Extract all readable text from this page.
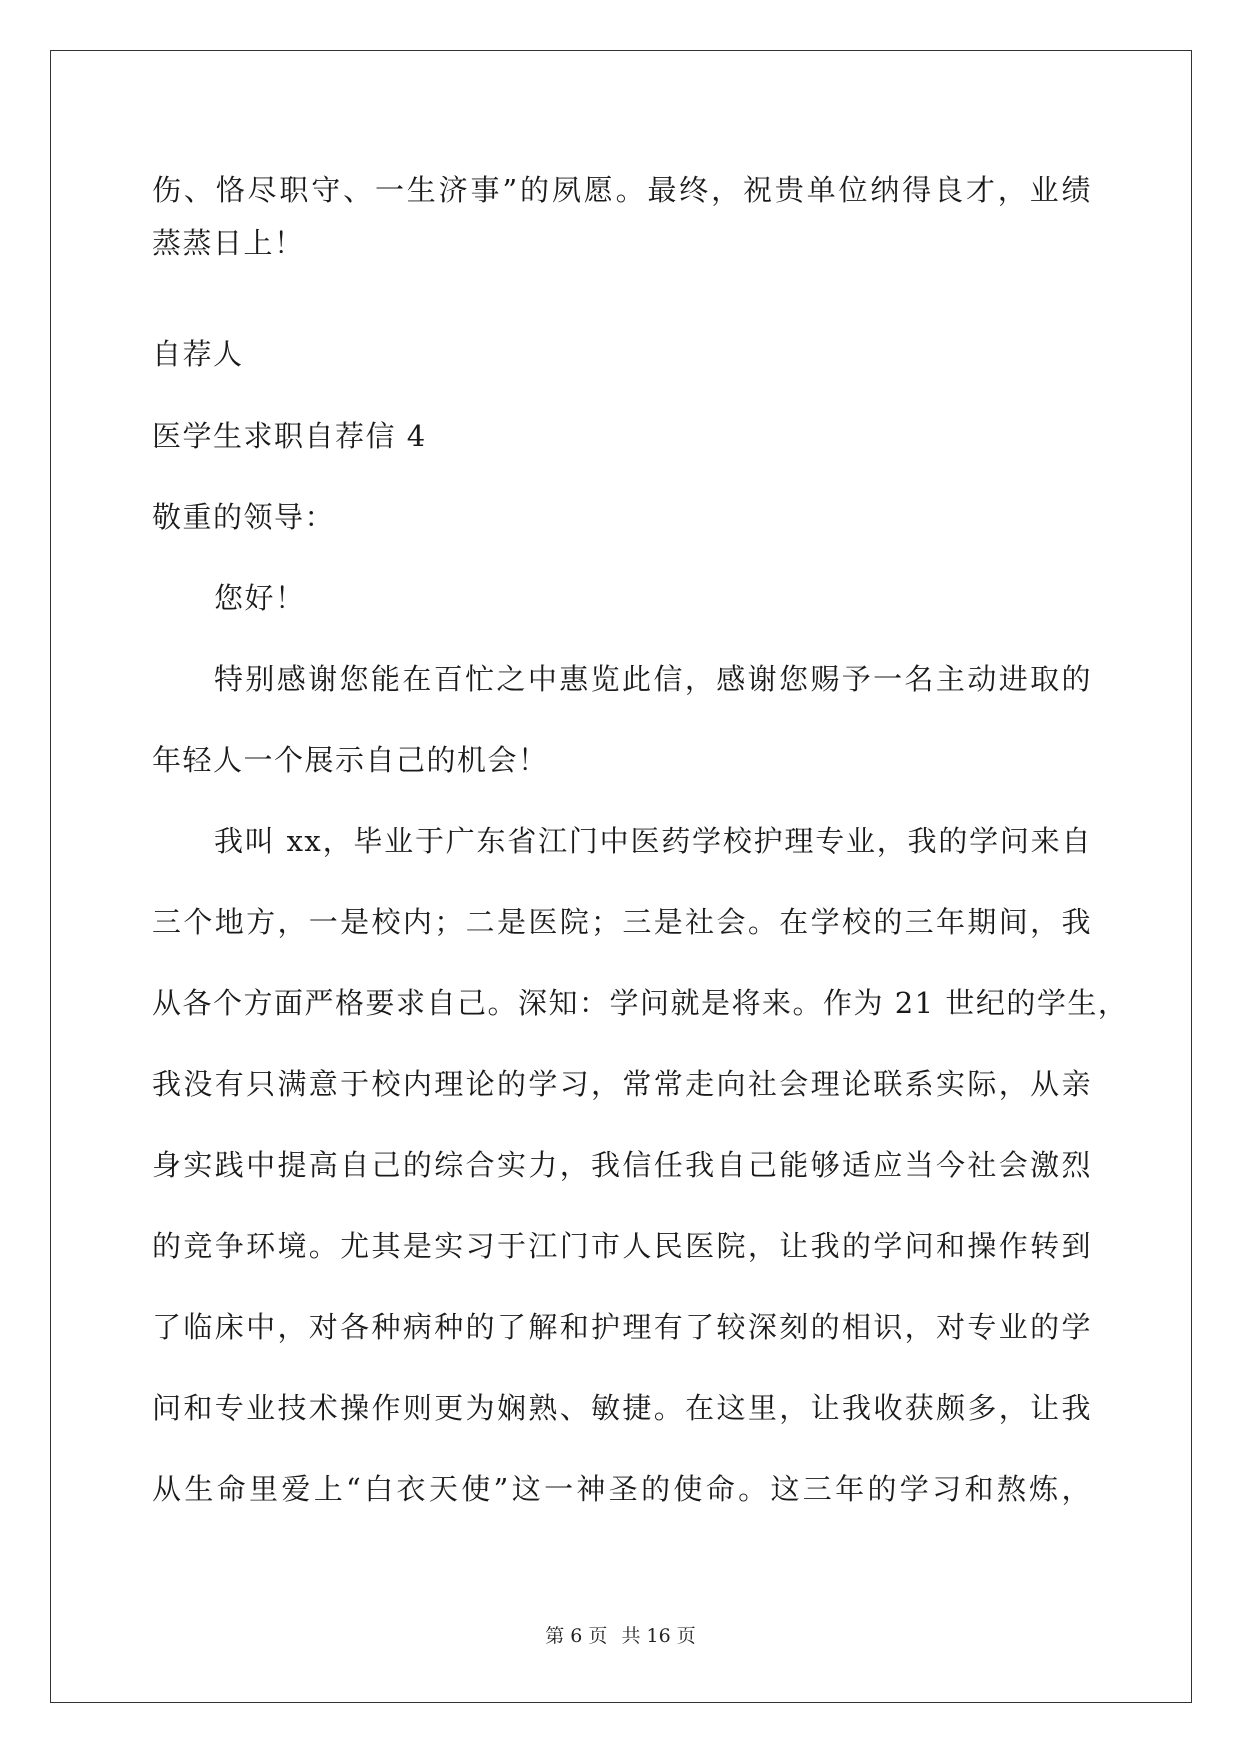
伤、恪尽职守、一生济事”的夙愿。最终，祝贵单位纳得良才，业绩
蒸蒸日上！
自荐人
医学生求职自荐信 4
敬重的领导：
您好！
特别感谢您能在百忙之中惠览此信，感谢您赐予一名主动进取的
年轻人一个展示自己的机会！
我叫 xx，毕业于广东省江门中医药学校护理专业，我的学问来自
三个地方，一是校内；二是医院；三是社会。在学校的三年期间，我
从各个方面严格要求自己。深知：学问就是将来。作为 21 世纪的学生，
我没有只满意于校内理论的学习，常常走向社会理论联系实际，从亲
身实践中提高自己的综合实力，我信任我自己能够适应当今社会激烈
的竞争环境。尤其是实习于江门市人民医院，让我的学问和操作转到
了临床中，对各种病种的了解和护理有了较深刻的相识，对专业的学
问和专业技术操作则更为娴熟、敏捷。在这里，让我收获颇多，让我
从生命里爱上“白衣天使”这一神圣的使命。这三年的学习和熬炼，
第 6 页 共 16 页
